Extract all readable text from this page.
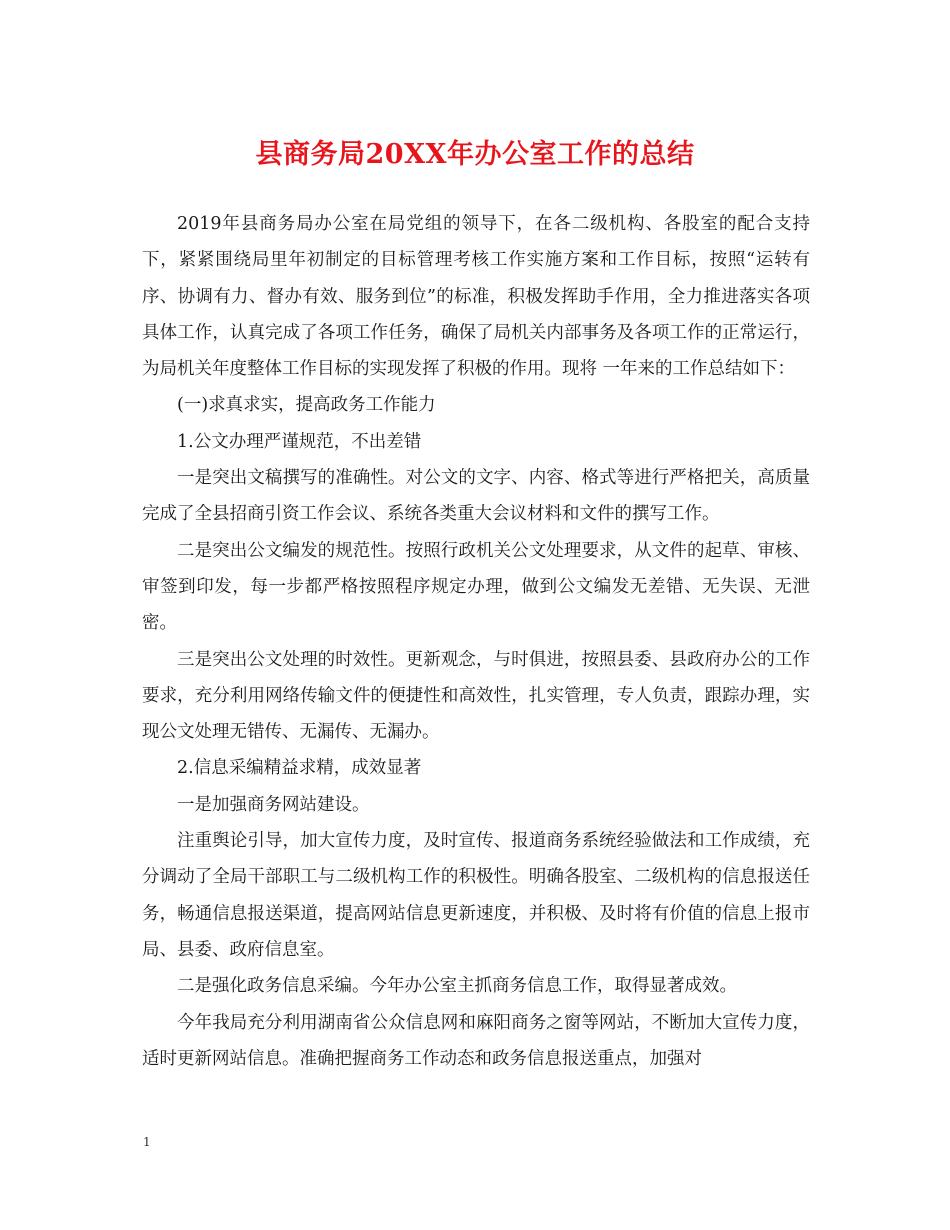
县商务局20XX年办公室工作的总结

2019年县商务局办公室在局党组的领导下，在各二级机构、各股室的配合支持下，紧紧围绕局里年初制定的目标管理考核工作实施方案和工作目标，按照“运转有序、协调有力、督办有效、服务到位”的标准，积极发挥助手作用，全力推进落实各项具体工作，认真完成了各项工作任务，确保了局机关内部事务及各项工作的正常运行，为局机关年度整体工作目标的实现发挥了积极的作用。现将 一年来的工作总结如下：

(一)求真求实，提高政务工作能力

1.公文办理严谨规范，不出差错

一是突出文稿撰写的准确性。对公文的文字、内容、格式等进行严格把关，高质量完成了全县招商引资工作会议、系统各类重大会议材料和文件的撰写工作。

二是突出公文编发的规范性。按照行政机关公文处理要求，从文件的起草、审核、审签到印发，每一步都严格按照程序规定办理，做到公文编发无差错、无失误、无泄密。

三是突出公文处理的时效性。更新观念，与时俱进，按照县委、县政府办公的工作要求，充分利用网络传输文件的便捷性和高效性，扎实管理，专人负责，跟踪办理，实现公文处理无错传、无漏传、无漏办。

2.信息采编精益求精，成效显著

一是加强商务网站建设。

注重舆论引导，加大宣传力度，及时宣传、报道商务系统经验做法和工作成绩，充分调动了全局干部职工与二级机构工作的积极性。明确各股室、二级机构的信息报送任务，畅通信息报送渠道，提高网站信息更新速度，并积极、及时将有价值的信息上报市局、县委、政府信息室。

二是强化政务信息采编。今年办公室主抓商务信息工作，取得显著成效。

今年我局充分利用湖南省公众信息网和麻阳商务之窗等网站，不断加大宣传力度，适时更新网站信息。准确把握商务工作动态和政务信息报送重点，加强对

1
